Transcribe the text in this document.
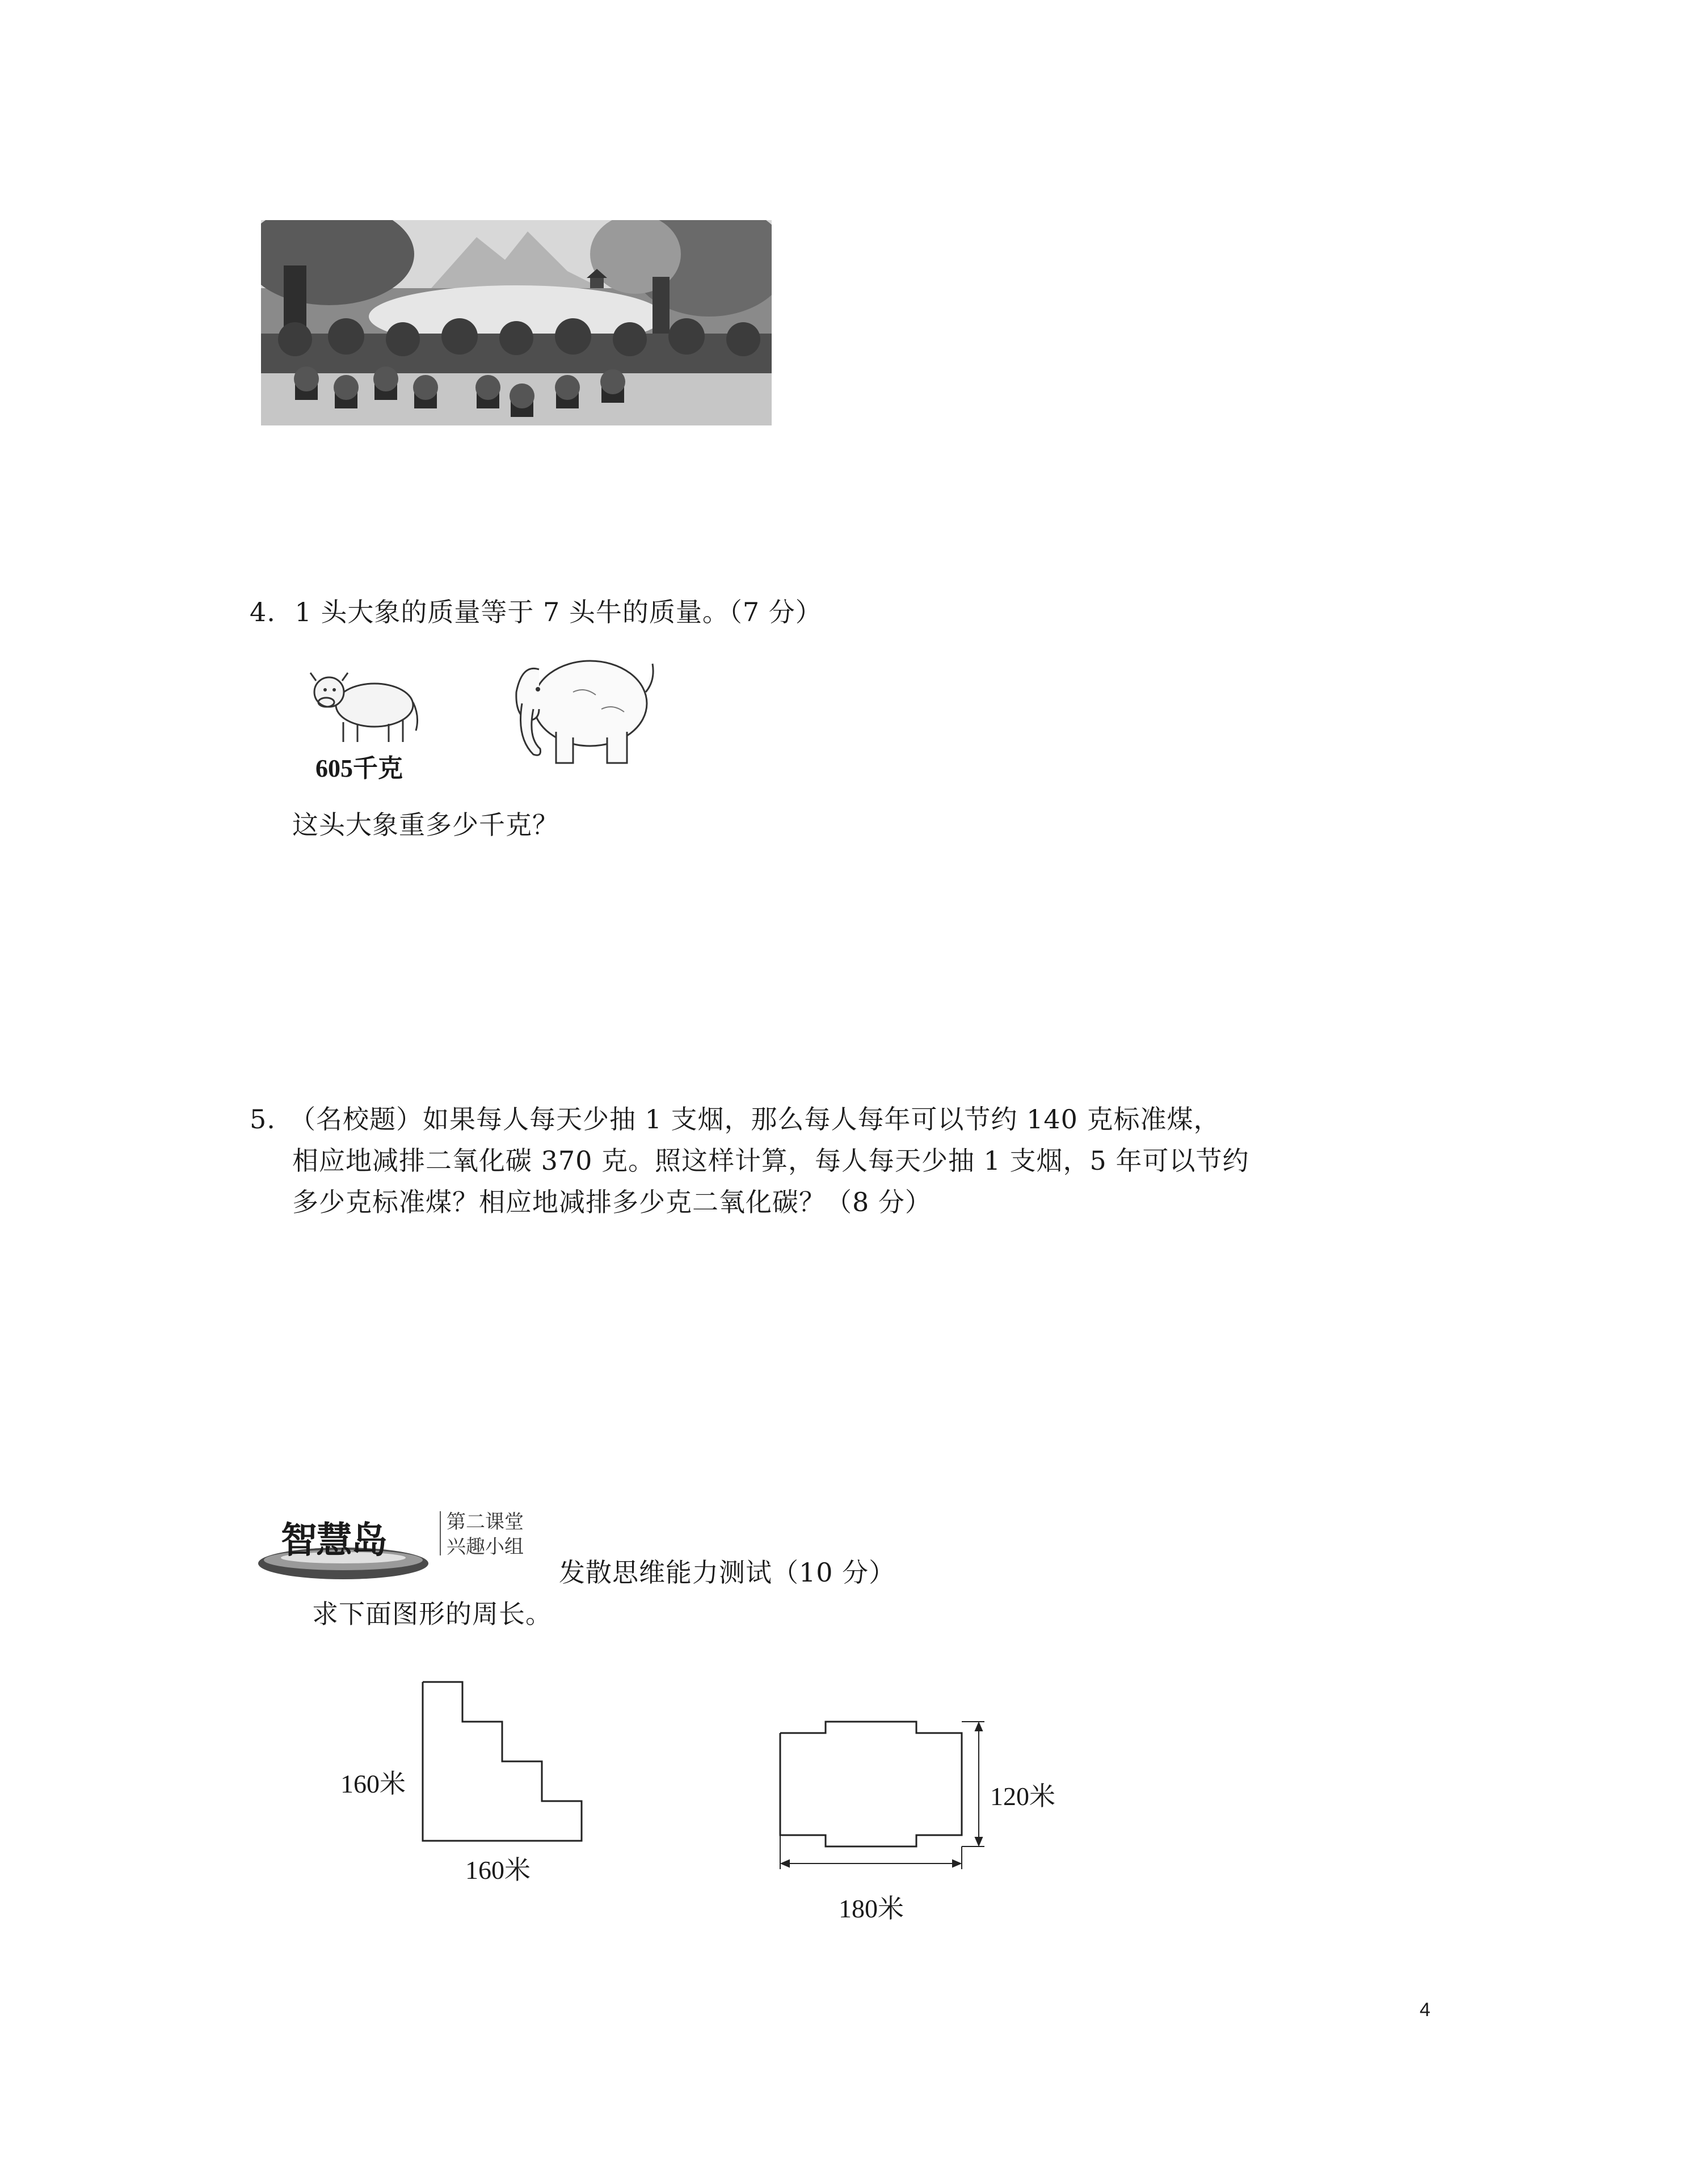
4. 1 头大象的质量等于 7 头牛的质量。（7 分）
605千克
这头大象重多少千克？
5. （名校题）如果每人每天少抽 1 支烟，那么每人每年可以节约 140 克标准煤，
相应地减排二氧化碳 370 克。照这样计算，每人每天少抽 1 支烟，5 年可以节约
多少克标准煤？相应地减排多少克二氧化碳？（8 分）
智慧岛	第二课堂
兴趣小组
发散思维能力测试（10 分）
求下面图形的周长。
160米
160米
120米
180米
4
